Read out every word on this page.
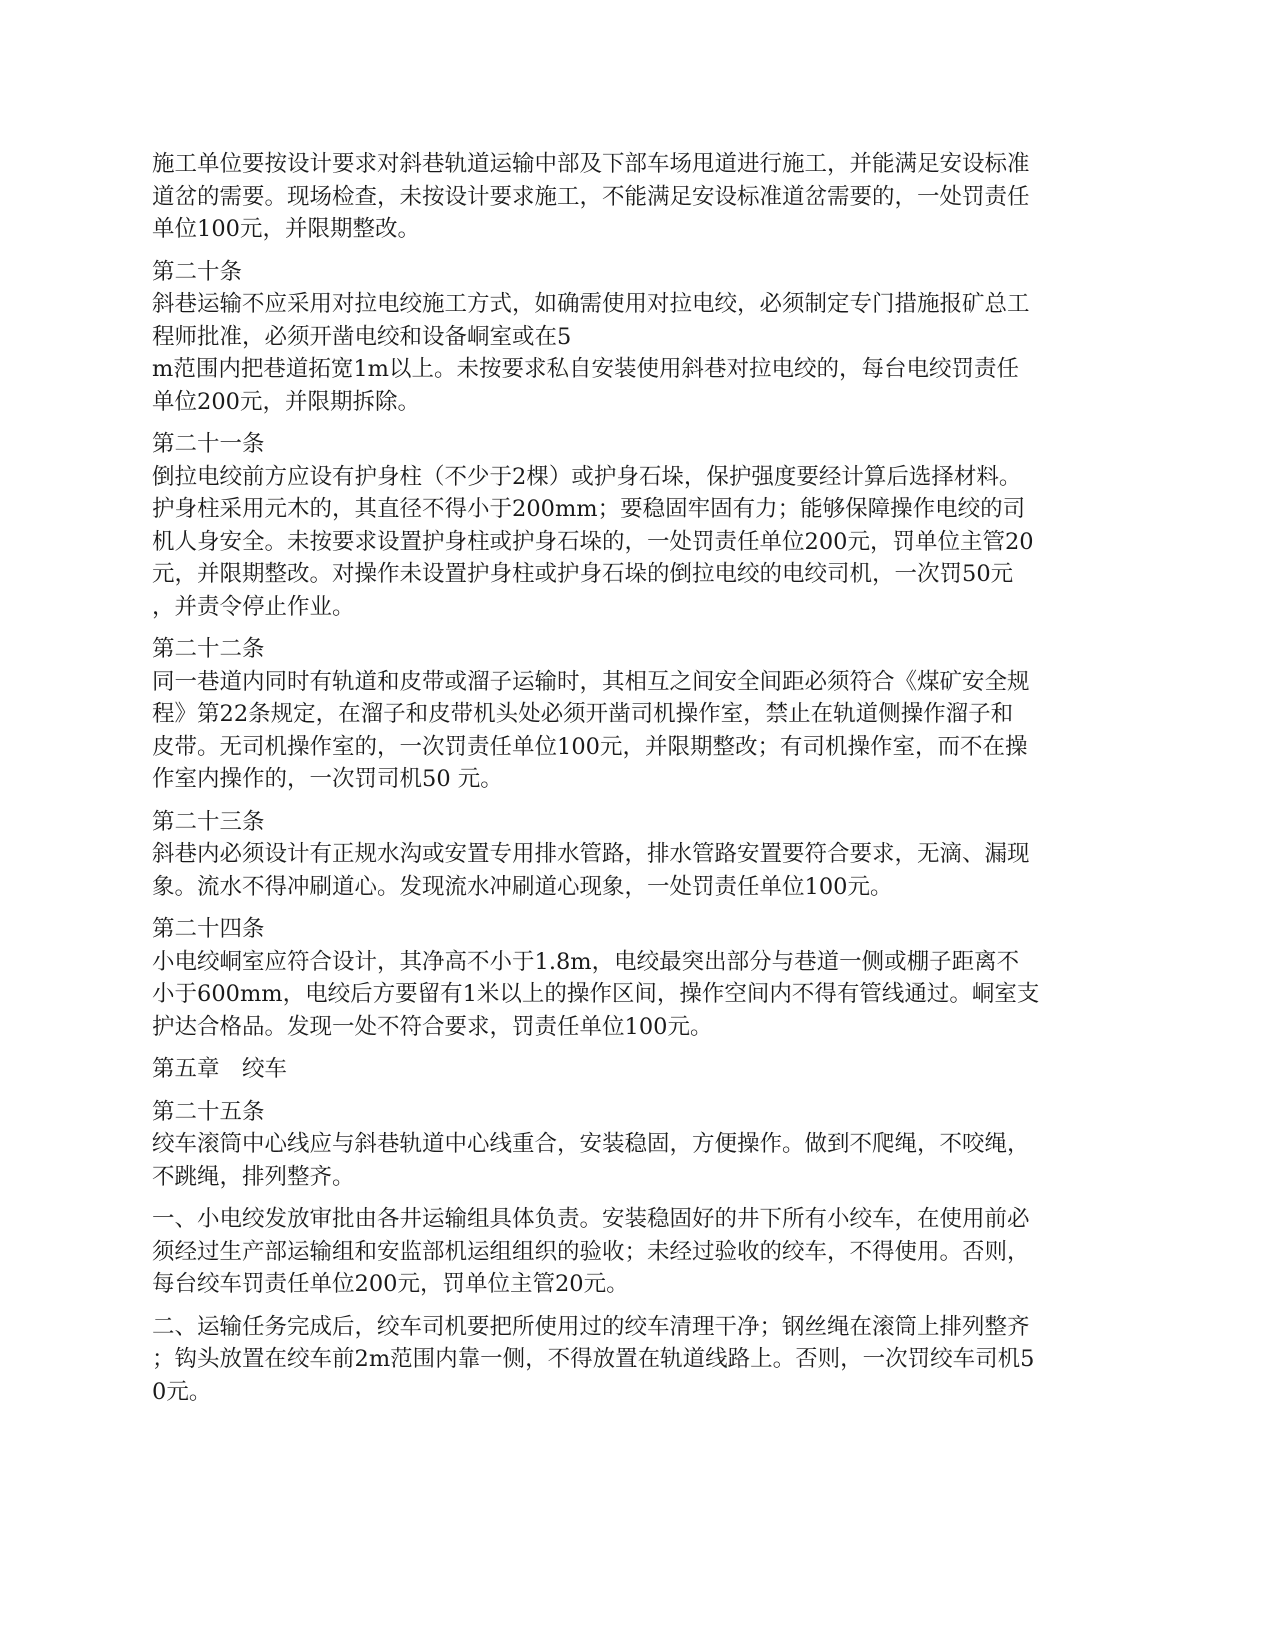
施工单位要按设计要求对斜巷轨道运输中部及下部车场甩道进行施工，并能满足安设标准
道岔的需要。现场检查，未按设计要求施工，不能满足安设标准道岔需要的，一处罚责任
单位100元，并限期整改。

第二十条
斜巷运输不应采用对拉电绞施工方式，如确需使用对拉电绞，必须制定专门措施报矿总工
程师批准，必须开凿电绞和设备峒室或在5
m范围内把巷道拓宽1m以上。未按要求私自安装使用斜巷对拉电绞的，每台电绞罚责任
单位200元，并限期拆除。

第二十一条
倒拉电绞前方应设有护身柱（不少于2棵）或护身石垛，保护强度要经计算后选择材料。
护身柱采用元木的，其直径不得小于200mm；要稳固牢固有力；能够保障操作电绞的司
机人身安全。未按要求设置护身柱或护身石垛的，一处罚责任单位200元，罚单位主管20
元，并限期整改。对操作未设置护身柱或护身石垛的倒拉电绞的电绞司机，一次罚50元
，并责令停止作业。

第二十二条
同一巷道内同时有轨道和皮带或溜子运输时，其相互之间安全间距必须符合《煤矿安全规
程》第22条规定，在溜子和皮带机头处必须开凿司机操作室，禁止在轨道侧操作溜子和
皮带。无司机操作室的，一次罚责任单位100元，并限期整改；有司机操作室，而不在操
作室内操作的，一次罚司机50 元。

第二十三条
斜巷内必须设计有正规水沟或安置专用排水管路，排水管路安置要符合要求，无滴、漏现
象。流水不得冲刷道心。发现流水冲刷道心现象，一处罚责任单位100元。

第二十四条
小电绞峒室应符合设计，其净高不小于1.8m，电绞最突出部分与巷道一侧或棚子距离不
小于600mm，电绞后方要留有1米以上的操作区间，操作空间内不得有管线通过。峒室支
护达合格品。发现一处不符合要求，罚责任单位100元。

第五章　绞车

第二十五条
绞车滚筒中心线应与斜巷轨道中心线重合，安装稳固，方便操作。做到不爬绳，不咬绳，
不跳绳，排列整齐。

一、小电绞发放审批由各井运输组具体负责。安装稳固好的井下所有小绞车，在使用前必
须经过生产部运输组和安监部机运组组织的验收；未经过验收的绞车，不得使用。否则，
每台绞车罚责任单位200元，罚单位主管20元。

二、运输任务完成后，绞车司机要把所使用过的绞车清理干净；钢丝绳在滚筒上排列整齐
；钩头放置在绞车前2m范围内靠一侧，不得放置在轨道线路上。否则，一次罚绞车司机5
0元。
